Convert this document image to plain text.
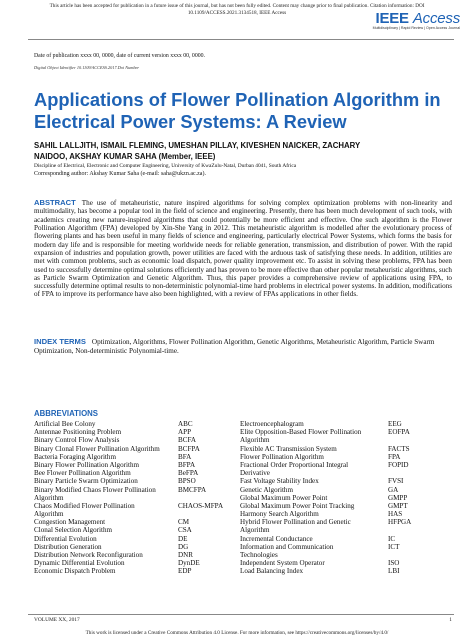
This article has been accepted for publication in a future issue of this journal, but has not been fully edited. Content may change prior to final publication. Citation information: DOI
10.1109/ACCESS.2021.3134518, IEEE Access	IEEE Access
Multidisciplinary | Rapid Review | Open Access Journal
Date of publication xxxx 00, 0000, date of current version xxxx 00, 0000.
Digital Object Identifier 10.1109/ACCESS.2017.Doi Number
Applications of Flower Pollination Algorithm in Electrical Power Systems: A Review
SAHIL LALLJITH, ISMAIL FLEMING, UMESHAN PILLAY, KIVESHEN NAICKER, ZACHARY
NAIDOO, AKSHAY KUMAR SAHA (Member, IEEE)
Discipline of Electrical, Electronic and Computer Engineering, University of KwaZulu-Natal, Durban 4041, South Africa
Corresponding author: Akshay Kumar Saha (e-mail: saha@ukzn.ac.za).
ABSTRACT The use of metaheuristic, nature inspired algorithms for solving complex optimization problems with non-linearity and multimodality, has become a popular tool in the field of science and engineering. Presently, there has been much development of such tools, with academics creating new nature-inspired algorithms that could potentially be more efficient and effective. One such algorithm is the Flower Pollination Algorithm (FPA) developed by Xin-She Yang in 2012. This metaheuristic algorithm is modelled after the evolutionary process of flowering plants and has been useful in many fields of science and engineering, particularly electrical Power Systems, which forms the basis for modern day life and is responsible for meeting worldwide needs for reliable generation, transmission, and distribution of power. With the rapid expansion of industries and population growth, power utilities are faced with the arduous task of satisfying these needs. In addition, utilities are met with common problems, such as economic load dispatch, power quality improvement etc. To assist in solving these problems, FPA has been used to successfully determine optimal solutions efficiently and has proven to be more effective than other popular metaheuristic algorithms, such as Particle Swarm Optimization and Genetic Algorithm. Thus, this paper provides a comprehensive review of applications using FPA, to successfully determine optimal results to non-deterministic polynomial-time hard problems in electrical power systems. In addition, modifications of FPA to improve its performance have also been highlighted, with a review of FPAs applications in other fields.
INDEX TERMS Optimization, Algorithms, Flower Pollination Algorithm, Genetic Algorithms, Metaheuristic Algorithm, Particle Swarm Optimization, Non-deterministic Polynomial-time.
ABBREVIATIONS
Artificial Bee Colony	ABC
Antennae Positioning Problem	APP
Binary Control Flow Analysis	BCFA
Binary Clonal Flower Pollination Algorithm	BCFPA
Bacteria Foraging Algorithm	BFA
Binary Flower Pollination Algorithm	BFPA
Bee Flower Pollination Algorithm	BeFPA
Binary Particle Swarm Optimization	BPSO
Binary Modified Chaos Flower Pollination	BMCFPA
Algorithm
Chaos Modified Flower Pollination	CHAOS-MFPA
Algorithm
Congestion Management	CM
Clonal Selection Algorithm	CSA
Differential Evolution	DE
Distribution Generation	DG
Distribution Network Reconfiguration	DNR
Dynamic Differential Evolution	DynDE
Economic Dispatch Problem	EDP
Electroencephalogram	EEG
Elite Opposition-Based Flower Pollination	EOFPA
Algorithm
Flexible AC Transmission System	FACTS
Flower Pollination Algorithm	FPA
Fractional Order Proportional Integral	FOPID
Derivative
Fast Voltage Stability Index	FVSI
Genetic Algorithm	GA
Global Maximum Power Point	GMPP
Global Maximum Power Point Tracking	GMPT
Harmony Search Algorithm	HAS
Hybrid Flower Pollination and Genetic	HFPGA
Algorithm
Incremental Conductance	IC
Information and Communication	ICT
Technologies
Independent System Operator	ISO
Load Balancing Index	LBI
VOLUME XX, 2017	1
This work is licensed under a Creative Commons Attribution 4.0 License. For more information, see https://creativecommons.org/licenses/by/4.0/
